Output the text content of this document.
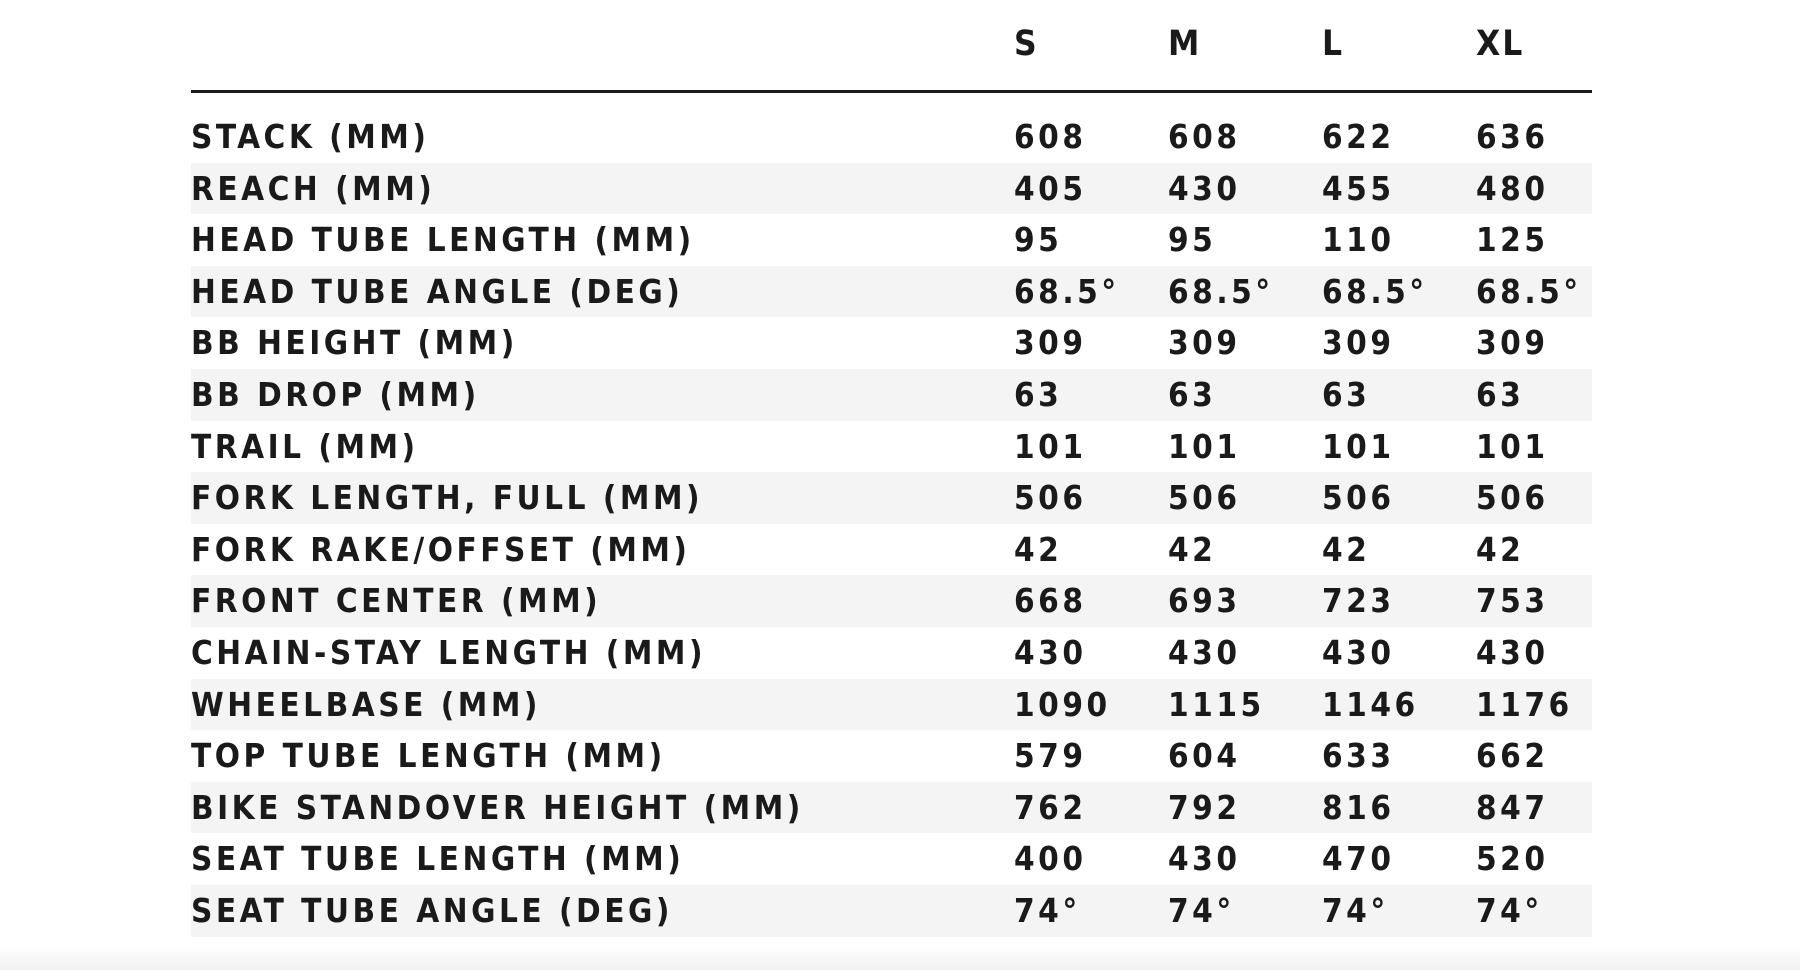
S	M	L	XL
STACK (MM)	608 608 622 636
REACH (MM)	405 430 455 480
HEAD TUBE LENGTH (MM)	95	95	110 125
HEAD TUBE ANGLE (DEG)	68.5° 68.5° 68.5° 68.5°
BB HEIGHT (MM)	309 309 309 309
BB DROP (MM)	63	63	63	63
TRAIL (MM)	101 101 101 101
FORK LENGTH, FULL (MM)	506 506 506 506
FORK RAKE/OFFSET (MM)	42	42	42	42
FRONT CENTER (MM)	668 693 723 753
CHAIN-STAY LENGTH (MM)	430 430 430 430
WHEELBASE (MM)	1090 1115 1146 1176
TOP TUBE LENGTH (MM)	579 604 633 662
BIKE STANDOVER HEIGHT (MM)	762 792 816 847
SEAT TUBE LENGTH (MM)	400 430 470 520
SEAT TUBE ANGLE (DEG)	74°	74°	74°	74°
